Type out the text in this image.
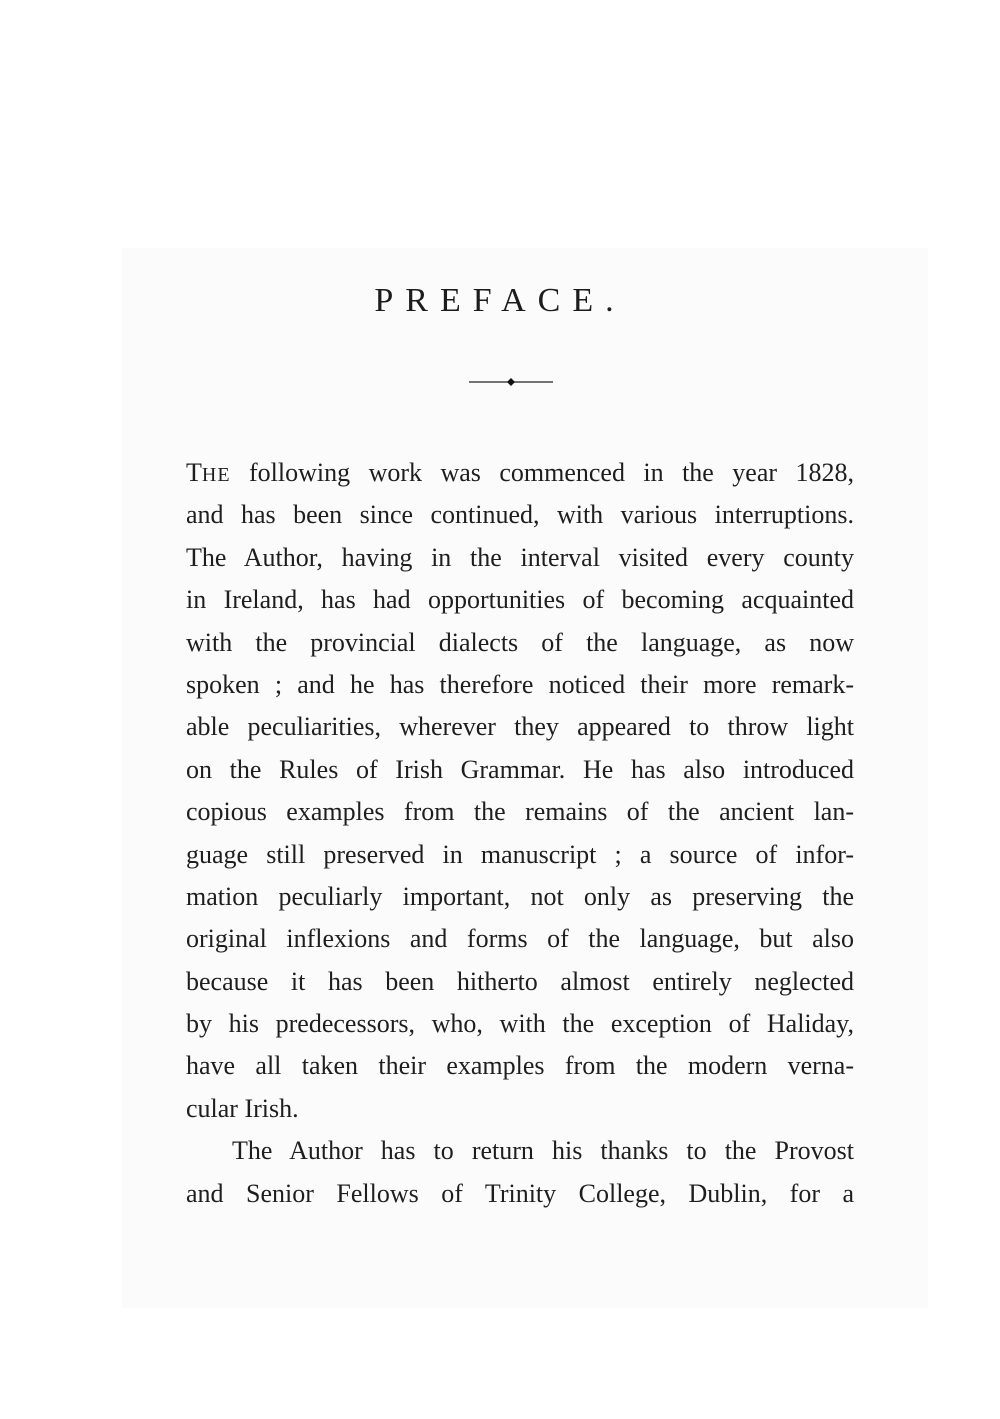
PREFACE.
THE following work was commenced in the year 1828,
and has been since continued, with various interruptions.
The Author, having in the interval visited every county
in Ireland, has had opportunities of becoming acquainted
with the provincial dialects of the language, as now
spoken ; and he has therefore noticed their more remark-
able peculiarities, wherever they appeared to throw light
on the Rules of Irish Grammar. He has also introduced
copious examples from the remains of the ancient lan-
guage still preserved in manuscript ; a source of infor-
mation peculiarly important, not only as preserving the
original inflexions and forms of the language, but also
because it has been hitherto almost entirely neglected
by his predecessors, who, with the exception of Haliday,
have all taken their examples from the modern verna-
cular Irish.
The Author has to return his thanks to the Provost
and Senior Fellows of Trinity College, Dublin, for a
